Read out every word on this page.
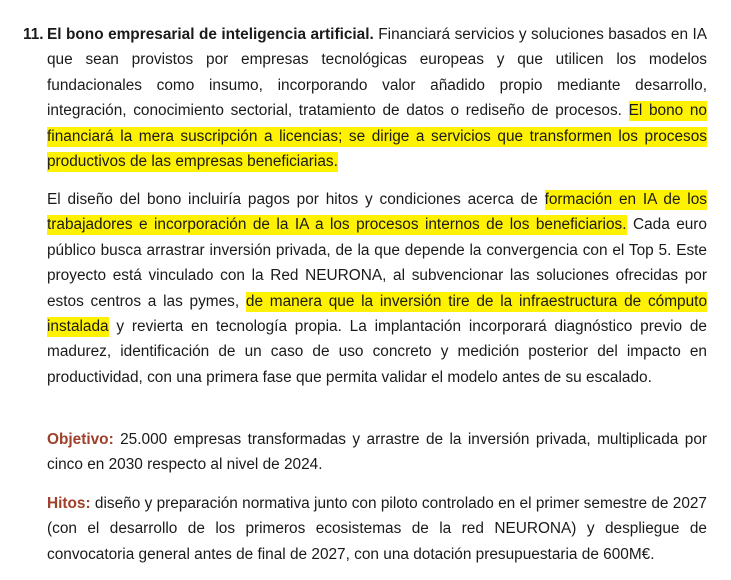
11. El bono empresarial de inteligencia artificial. Financiará servicios y soluciones basados en IA que sean provistos por empresas tecnológicas europeas y que utilicen los modelos fundacionales como insumo, incorporando valor añadido propio mediante desarrollo, integración, conocimiento sectorial, tratamiento de datos o rediseño de procesos. El bono no financiará la mera suscripción a licencias; se dirige a servicios que transformen los procesos productivos de las empresas beneficiarias.

El diseño del bono incluiría pagos por hitos y condiciones acerca de formación en IA de los trabajadores e incorporación de la IA a los procesos internos de los beneficiarios. Cada euro público busca arrastrar inversión privada, de la que depende la convergencia con el Top 5. Este proyecto está vinculado con la Red NEURONA, al subvencionar las soluciones ofrecidas por estos centros a las pymes, de manera que la inversión tire de la infraestructura de cómputo instalada y revierta en tecnología propia. La implantación incorporará diagnóstico previo de madurez, identificación de un caso de uso concreto y medición posterior del impacto en productividad, con una primera fase que permita validar el modelo antes de su escalado.

Objetivo: 25.000 empresas transformadas y arrastre de la inversión privada, multiplicada por cinco en 2030 respecto al nivel de 2024.

Hitos: diseño y preparación normativa junto con piloto controlado en el primer semestre de 2027 (con el desarrollo de los primeros ecosistemas de la red NEURONA) y despliegue de convocatoria general antes de final de 2027, con una dotación presupuestaria de 600M€.
